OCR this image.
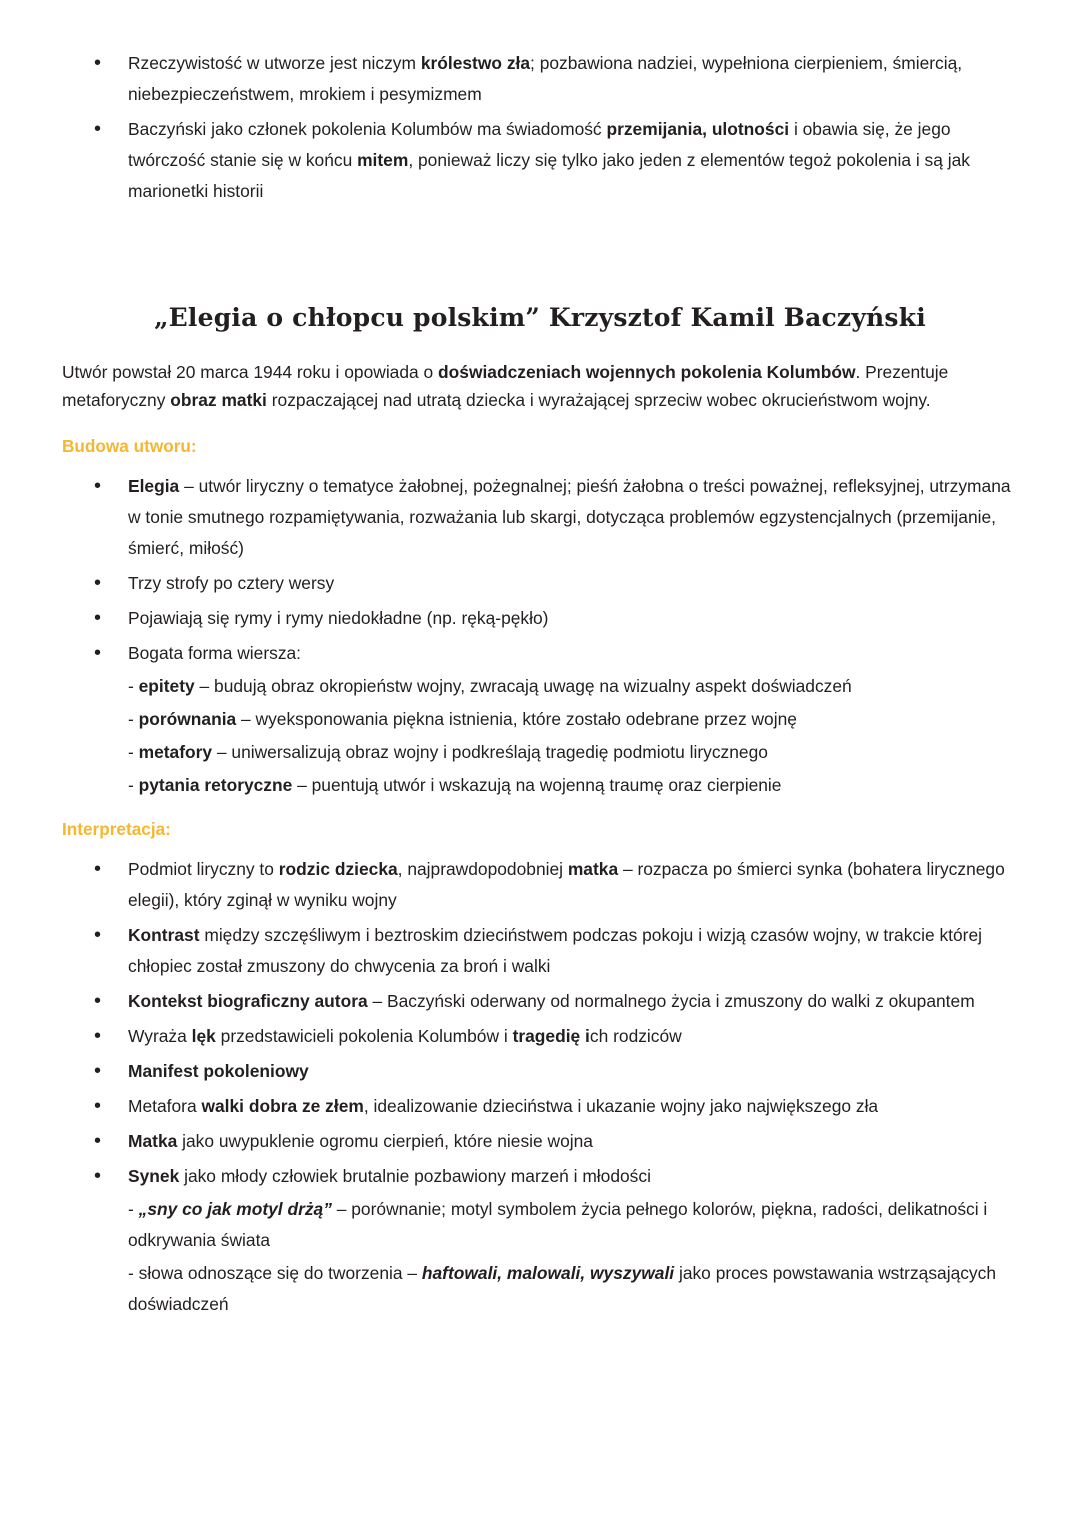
• Rzeczywistość w utworze jest niczym królestwo zła; pozbawiona nadziei, wypełniona cierpieniem, śmiercią, niebezpieczeństwem, mrokiem i pesymizmem
• Baczyński jako członek pokolenia Kolumbów ma świadomość przemijania, ulotności i obawia się, że jego twórczość stanie się w końcu mitem, ponieważ liczy się tylko jako jeden z elementów tegoż pokolenia i są jak marionetki historii
„Elegia o chłopcu polskim” Krzysztof Kamil Baczyński

Utwór powstał 20 marca 1944 roku i opowiada o doświadczeniach wojennych pokolenia Kolumbów. Prezentuje metaforyczny obraz matki rozpaczającej nad utratą dziecka i wyrażającej sprzeciw wobec okrucieństwom wojny.

Budowa utworu:
• Elegia – utwór liryczny o tematyce żałobnej, pożegnalnej; pieśń żałobna o treści poważnej, refleksyjnej, utrzymana w tonie smutnego rozpamiętywania, rozważania lub skargi, dotycząca problemów egzystencjalnych (przemijanie, śmierć, miłość)
• Trzy strofy po cztery wersy
• Pojawiają się rymy i rymy niedokładne (np. ręką-pękło)
• Bogata forma wiersza:
- epitety – budują obraz okropieństw wojny, zwracają uwagę na wizualny aspekt doświadczeń
- porównania – wyeksponowania piękna istnienia, które zostało odebrane przez wojnę
- metafory – uniwersalizują obraz wojny i podkreślają tragedię podmiotu lirycznego
- pytania retoryczne – puentują utwór i wskazują na wojenną traumę oraz cierpienie
Interpretacja:
• Podmiot liryczny to rodzic dziecka, najprawdopodobniej matka – rozpacza po śmierci synka (bohatera lirycznego elegii), który zginął w wyniku wojny
• Kontrast między szczęśliwym i beztroskim dzieciństwem podczas pokoju i wizją czasów wojny, w trakcie której chłopiec został zmuszony do chwycenia za broń i walki
• Kontekst biograficzny autora – Baczyński oderwany od normalnego życia i zmuszony do walki z okupantem
• Wyraża lęk przedstawicieli pokolenia Kolumbów i tragedię ich rodziców
• Manifest pokoleniowy
• Metafora walki dobra ze złem, idealizowanie dzieciństwa i ukazanie wojny jako największego zła
• Matka jako uwypuklenie ogromu cierpień, które niesie wojna
• Synek jako młody człowiek brutalnie pozbawiony marzeń i młodości
- „sny co jak motyl drżą” – porównanie; motyl symbolem życia pełnego kolorów, piękna, radości, delikatności i odkrywania świata
- słowa odnoszące się do tworzenia – haftowali, malowali, wyszywali jako proces powstawania wstrząsających doświadczeń
